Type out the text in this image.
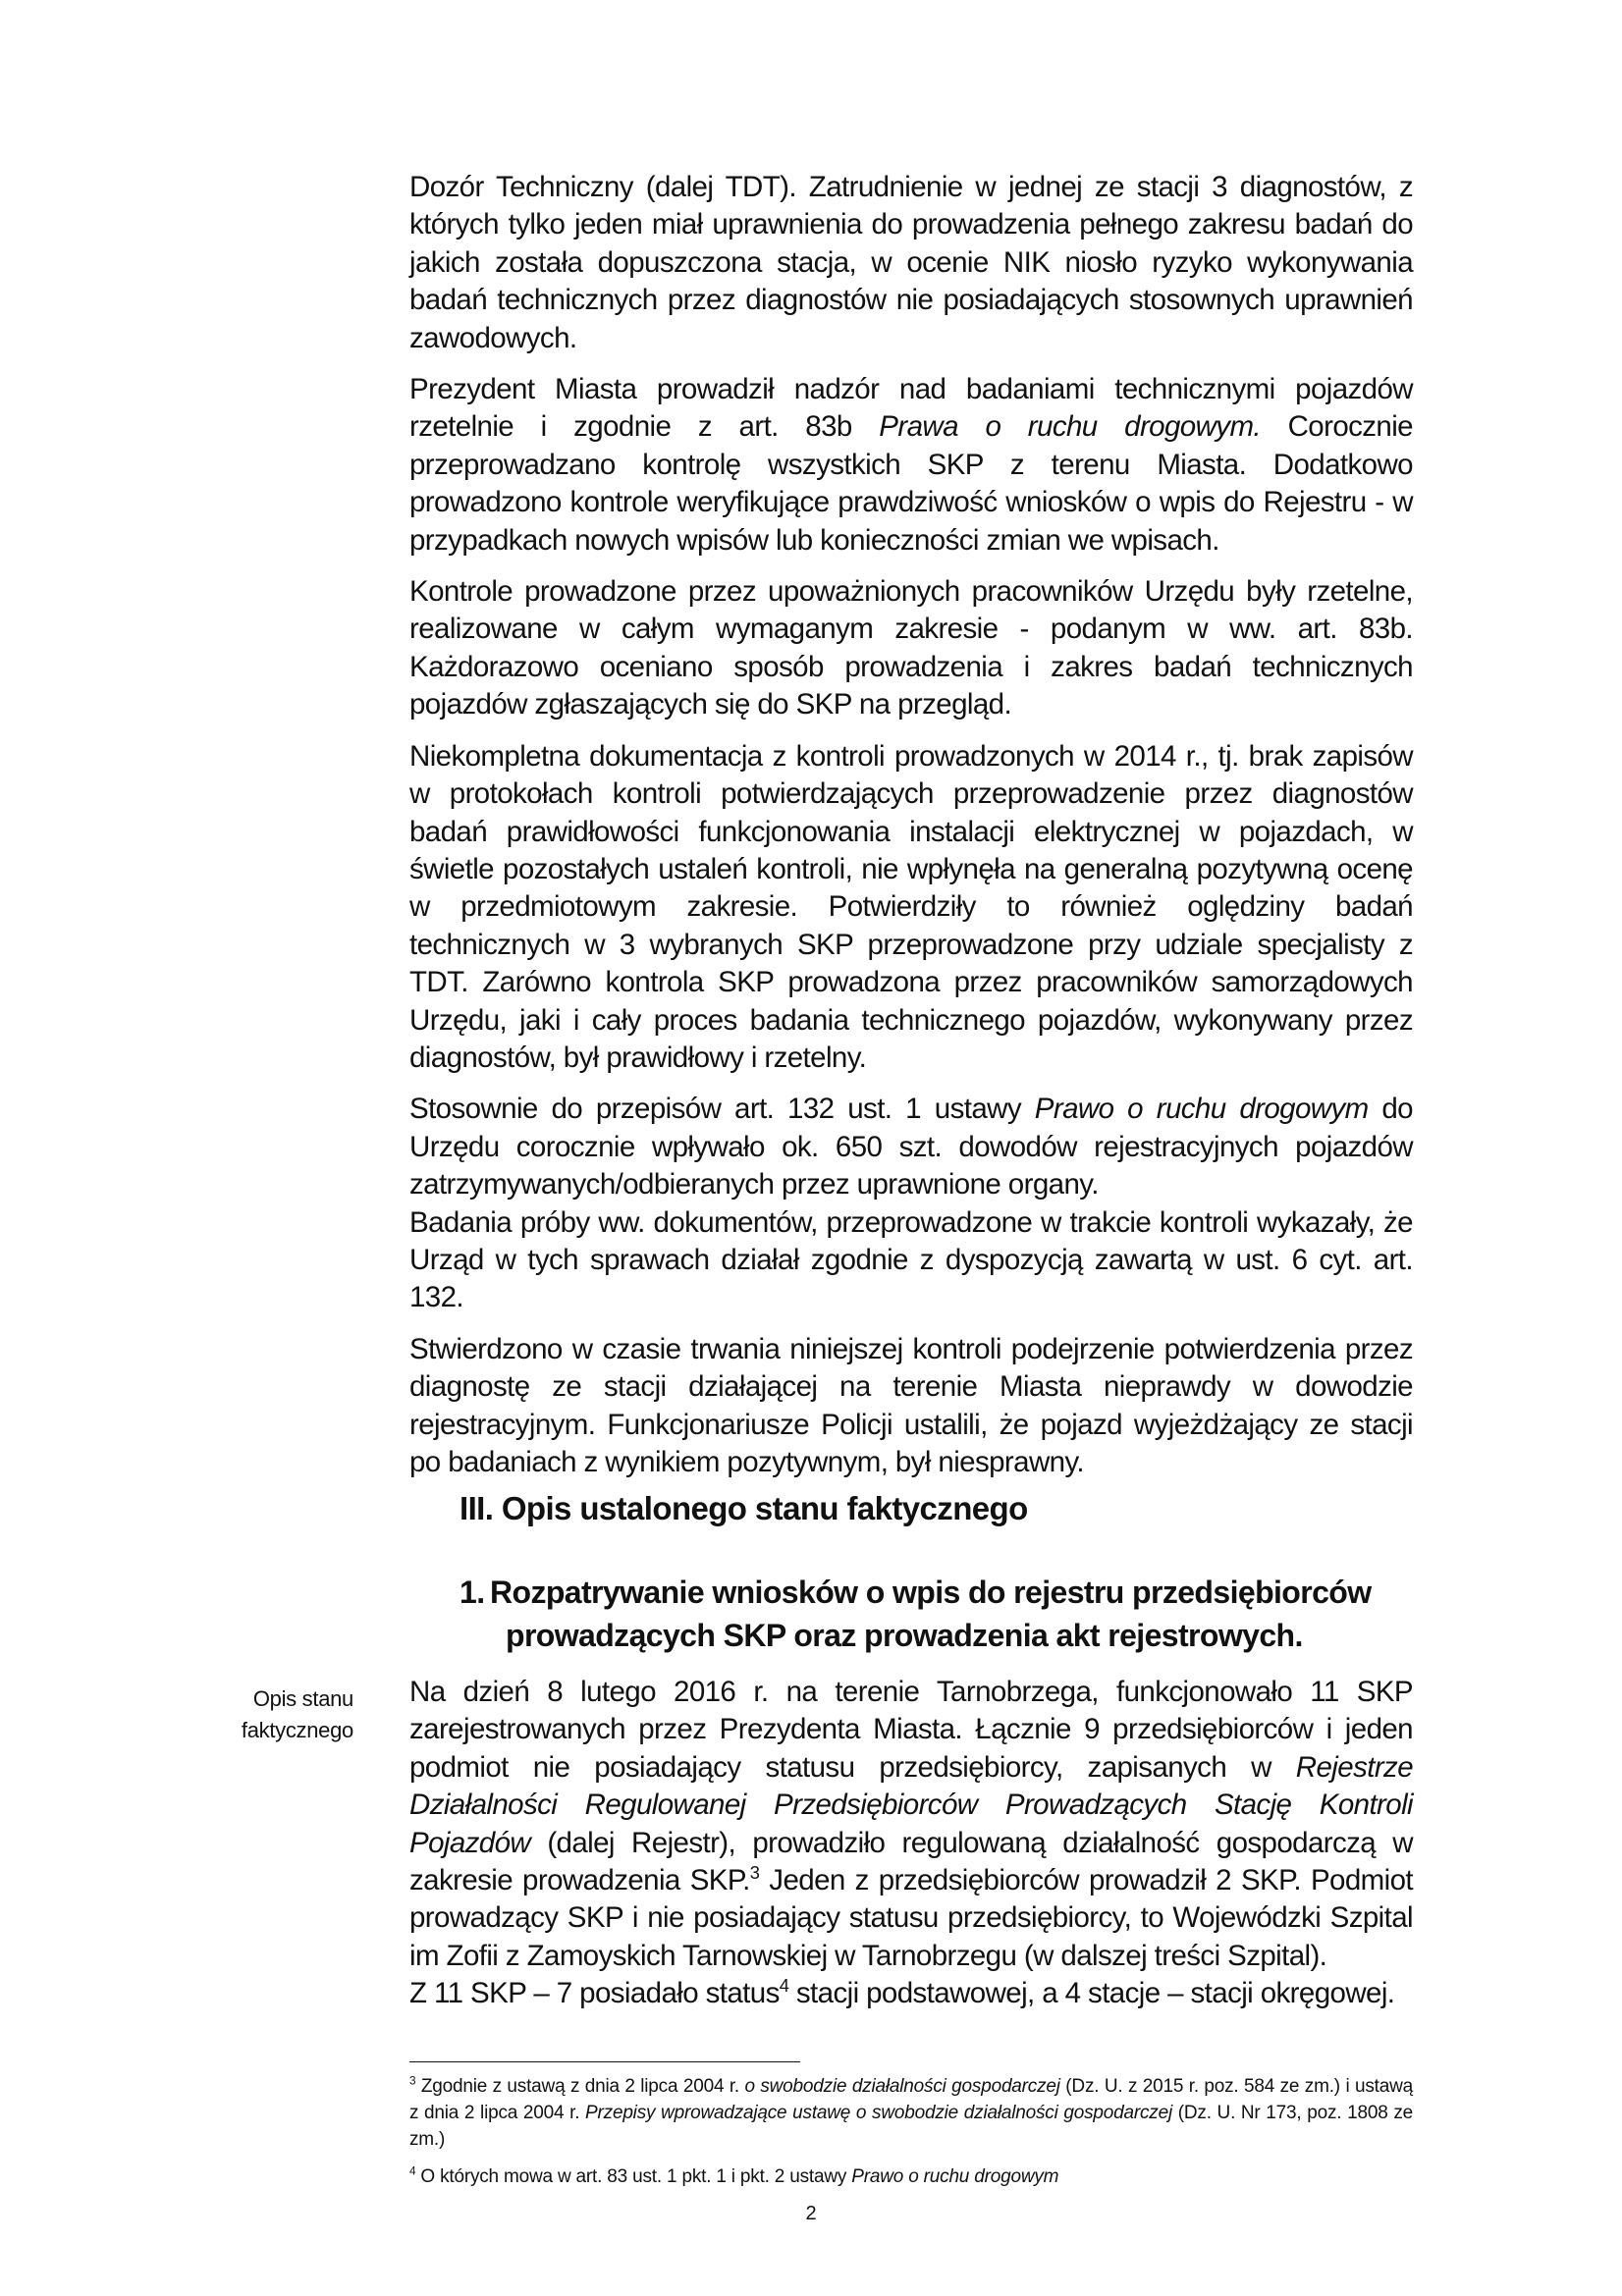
Dozór Techniczny (dalej TDT). Zatrudnienie w jednej ze stacji 3 diagnostów, z których tylko jeden miał uprawnienia do prowadzenia pełnego zakresu badań do jakich została dopuszczona stacja, w ocenie NIK niosło ryzyko wykonywania badań technicznych przez diagnostów nie posiadających stosownych uprawnień zawodowych.

Prezydent Miasta prowadził nadzór nad badaniami technicznymi pojazdów rzetelnie i zgodnie z art. 83b Prawa o ruchu drogowym. Corocznie przeprowadzano kontrolę wszystkich SKP z terenu Miasta. Dodatkowo prowadzono kontrole weryfikujące prawdziwość wniosków o wpis do Rejestru - w przypadkach nowych wpisów lub konieczności zmian we wpisach.

Kontrole prowadzone przez upoważnionych pracowników Urzędu były rzetelne, realizowane w całym wymaganym zakresie - podanym w ww. art. 83b. Każdorazowo oceniano sposób prowadzenia i zakres badań technicznych pojazdów zgłaszających się do SKP na przegląd.

Niekompletna dokumentacja z kontroli prowadzonych w 2014 r., tj. brak zapisów w protokołach kontroli potwierdzających przeprowadzenie przez diagnostów badań prawidłowości funkcjonowania instalacji elektrycznej w pojazdach, w świetle pozostałych ustaleń kontroli, nie wpłynęła na generalną pozytywną ocenę w przedmiotowym zakresie. Potwierdziły to również oględziny badań technicznych w 3 wybranych SKP przeprowadzone przy udziale specjalisty z TDT. Zarówno kontrola SKP prowadzona przez pracowników samorządowych Urzędu, jaki i cały proces badania technicznego pojazdów, wykonywany przez diagnostów, był prawidłowy i rzetelny.

Stosownie do przepisów art. 132 ust. 1 ustawy Prawo o ruchu drogowym do Urzędu corocznie wpływało ok. 650 szt. dowodów rejestracyjnych pojazdów zatrzymywanych/odbieranych przez uprawnione organy.

Badania próby ww. dokumentów, przeprowadzone w trakcie kontroli wykazały, że Urząd w tych sprawach działał zgodnie z dyspozycją zawartą w ust. 6 cyt. art. 132.

Stwierdzono w czasie trwania niniejszej kontroli podejrzenie potwierdzenia przez diagnostę ze stacji działającej na terenie Miasta nieprawdy w dowodzie rejestracyjnym. Funkcjonariusze Policji ustalili, że pojazd wyjeżdżający ze stacji po badaniach z wynikiem pozytywnym, był niesprawny.

III. Opis ustalonego stanu faktycznego
1. Rozpatrywanie wniosków o wpis do rejestru przedsiębiorców
prowadzących SKP oraz prowadzenia akt rejestrowych.
Opis stanu
faktycznego

Na dzień 8 lutego 2016 r. na terenie Tarnobrzega, funkcjonowało 11 SKP zarejestrowanych przez Prezydenta Miasta. Łącznie 9 przedsiębiorców i jeden podmiot nie posiadający statusu przedsiębiorcy, zapisanych w Rejestrze Działalności Regulowanej Przedsiębiorców Prowadzących Stację Kontroli Pojazdów (dalej Rejestr), prowadziło regulowaną działalność gospodarczą w zakresie prowadzenia SKP.$^3$ Jeden z przedsiębiorców prowadził 2 SKP. Podmiot prowadzący SKP i nie posiadający statusu przedsiębiorcy, to Wojewódzki Szpital im Zofii z Zamoyskich Tarnowskiej w Tarnobrzegu (w dalszej treści Szpital).

Z 11 SKP – 7 posiadało status$^4$ stacji podstawowej, a 4 stacje – stacji okręgowej.

$^3$ Zgodnie z ustawą z dnia 2 lipca 2004 r. o swobodzie działalności gospodarczej (Dz. U. z 2015 r. poz. 584 ze zm.) i ustawą z dnia 2 lipca 2004 r. Przepisy wprowadzające ustawę o swobodzie działalności gospodarczej (Dz. U. Nr 173, poz. 1808 ze zm.)

$^4$ O których mowa w art. 83 ust. 1 pkt. 1 i pkt. 2 ustawy Prawo o ruchu drogowym

2
